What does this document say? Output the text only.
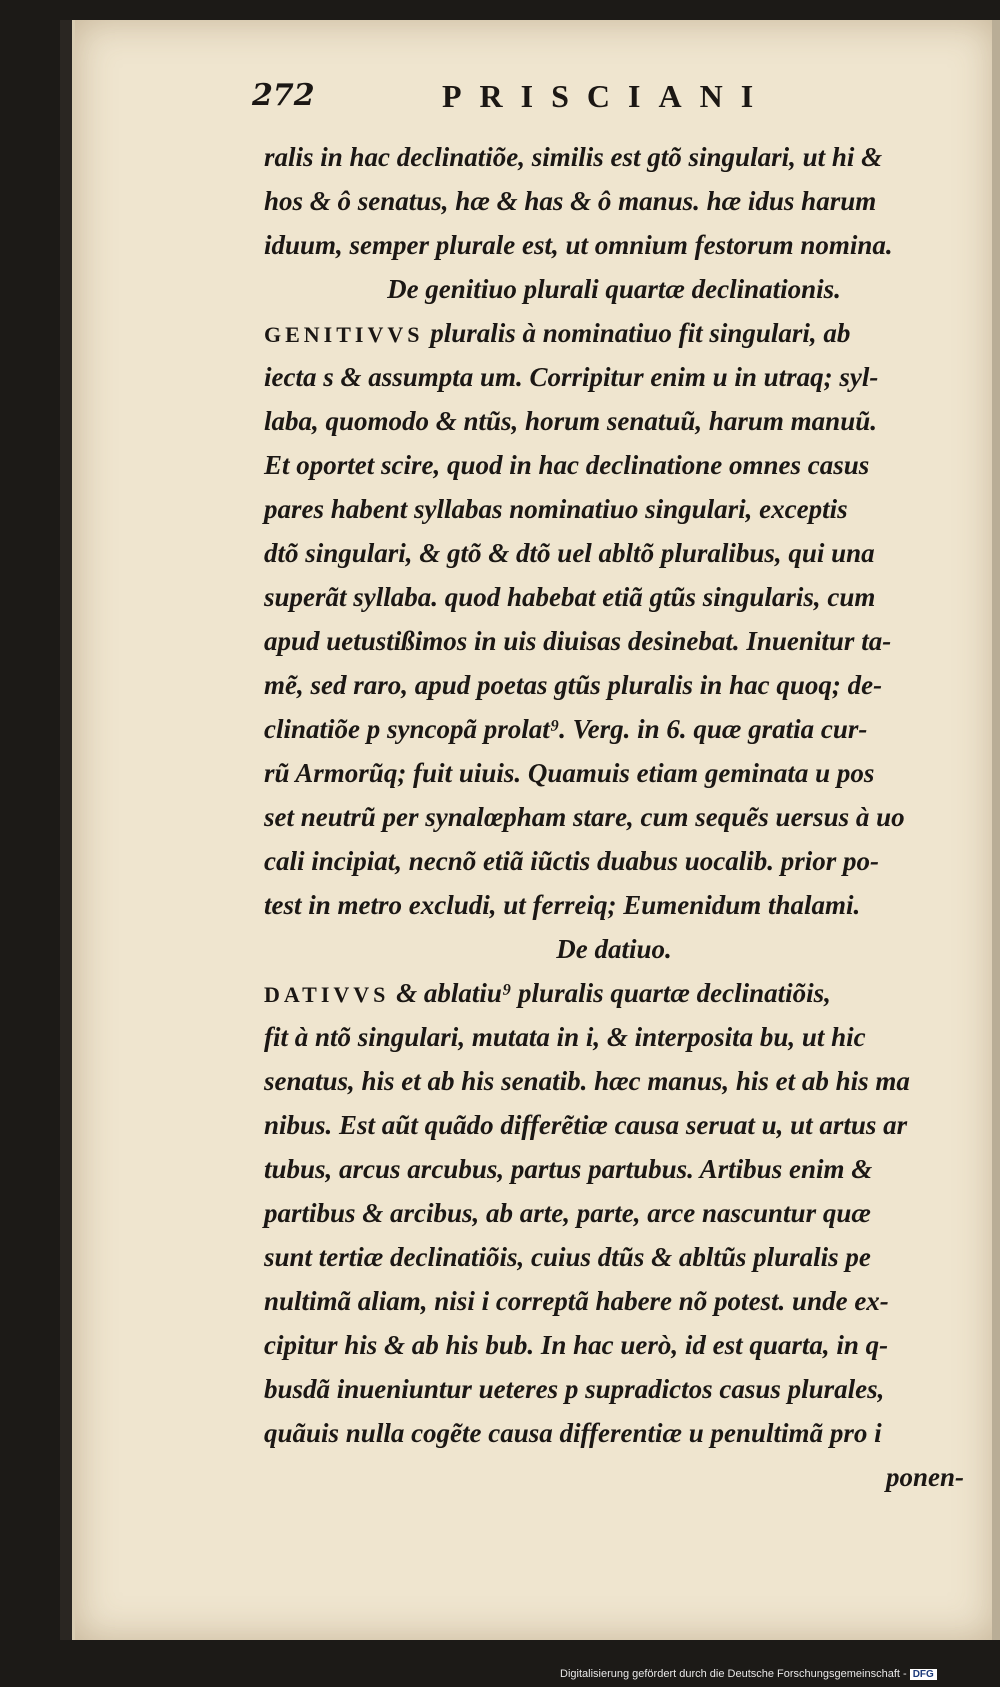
272	PRISCIANI
ralis in hac declinatiõe, similis est gtõ singulari, ut hi &
hos & ô senatus, hæ & has & ô manus. hæ idus harum
iduum, semper plurale est, ut omnium festorum nomina.
De genitiuo plurali quartæ declinationis.
GENITIVVS pluralis à nominatiuo fit singulari, ab
iecta s & assumpta um. Corripitur enim u in utraq; syl-
laba, quomodo & ntũs, horum senatuũ, harum manuũ.
Et oportet scire, quod in hac declinatione omnes casus
pares habent syllabas nominatiuo singulari, exceptis
dtõ singulari, & gtõ & dtõ uel abltõ pluralibus, qui una
superãt syllaba. quod habebat etiã gtũs singularis, cum
apud uetustißimos in uis diuisas desinebat. Inuenitur ta-
mẽ, sed raro, apud poetas gtũs pluralis in hac quoq; de-
clinatiõe p syncopã prolat⁹. Verg. in 6. quæ gratia cur-
rũ Armorũq; fuit uiuis. Quamuis etiam geminata u pos
set neutrũ per synalœpham stare, cum sequẽs uersus à uo
cali incipiat, necnõ etiã iũctis duabus uocalib. prior po-
test in metro excludi, ut ferreiq; Eumenidum thalami.
De datiuo.
DATIVVS & ablatiu⁹ pluralis quartæ declinatiõis,
fit à ntõ singulari, mutata in i, & interposita bu, ut hic
senatus, his et ab his senatib. hæc manus, his et ab his ma
nibus. Est aũt quãdo differẽtiæ causa seruat u, ut artus ar
tubus, arcus arcubus, partus partubus. Artibus enim &
partibus & arcibus, ab arte, parte, arce nascuntur quæ
sunt tertiæ declinatiõis, cuius dtũs & abltũs pluralis pe
nultimã aliam, nisi i correptã habere nõ potest. unde ex-
cipitur his & ab his bub. In hac uerò, id est quarta, in q-
busdã inueniuntur ueteres p supradictos casus plurales,
quãuis nulla cogẽte causa differentiæ u penultimã pro i
ponen-
Digitalisierung gefördert durch die Deutsche Forschungsgemeinschaft - DFG
